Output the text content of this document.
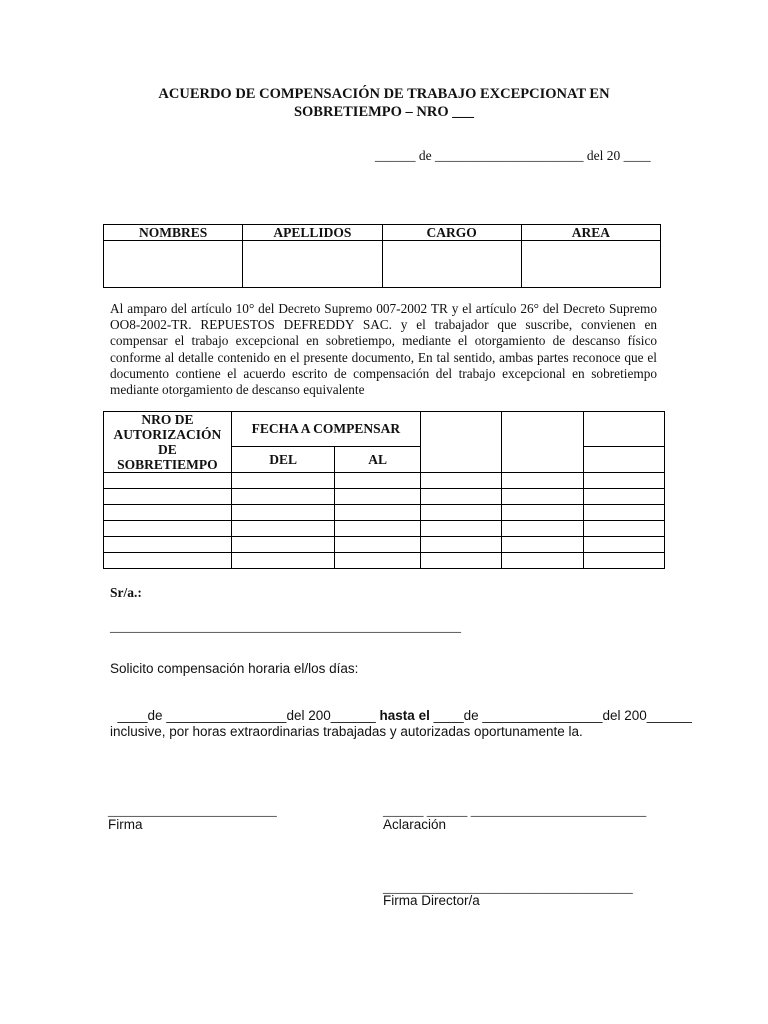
ACUERDO DE COMPENSACIÓN DE TRABAJO EXCEPCIONAT EN
SOBRETIEMPO – NRO ___
______ de ______________________ del 20 ____
NOMBRES	APELLIDOS	CARGO	AREA

Al amparo del artículo 10° del Decreto Supremo 007-2002 TR y el artículo 26° del Decreto Supremo OO8-2002-TR. REPUESTOS DEFREDDY SAC. y el trabajador que suscribe, convienen en compensar el trabajo excepcional en sobretiempo, mediante el otorgamiento de descanso físico conforme al detalle contenido en el presente documento, En tal sentido, ambas partes reconoce que el documento contiene el acuerdo escrito de compensación del trabajo excepcional en sobretiempo mediante otorgamiento de descanso equivalente
NRO DE
AUTORIZACIÓN
DE
SOBRETIEMPO	FECHA A COMPENSAR				
	DEL	AL			

Sr/a.:
____________________________________________________
Solicito compensación horaria el/los días:

____de ________________del 200______ hasta el ____de ________________del 200______

inclusive, por horas extraordinarias trabajadas y autorizadas oportunamente la.
_________________________
Firma
______ ______ __________________________
Aclaración
_____________________________________
Firma Director/a
